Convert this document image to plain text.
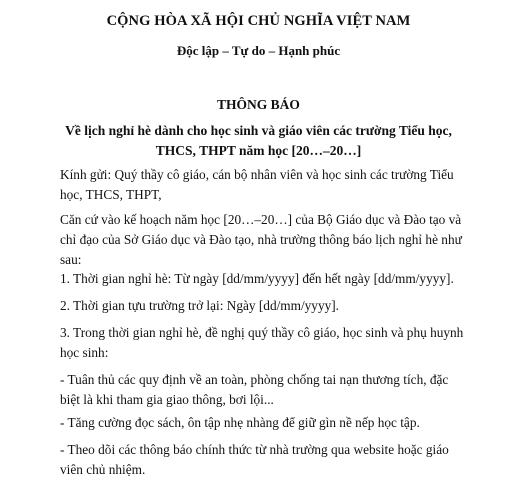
CỘNG HÒA XÃ HỘI CHỦ NGHĨA VIỆT NAM
Độc lập – Tự do – Hạnh phúc
THÔNG BÁO
Về lịch nghỉ hè dành cho học sinh và giáo viên các trường Tiểu học,
THCS, THPT năm học [20…–20…]
Kính gửi: Quý thầy cô giáo, cán bộ nhân viên và học sinh các trường Tiểu
học, THCS, THPT,
Căn cứ vào kế hoạch năm học [20…–20…] của Bộ Giáo dục và Đào tạo và
chỉ đạo của Sở Giáo dục và Đào tạo, nhà trường thông báo lịch nghỉ hè như
sau:
1. Thời gian nghỉ hè: Từ ngày [dd/mm/yyyy] đến hết ngày [dd/mm/yyyy].
2. Thời gian tựu trường trở lại: Ngày [dd/mm/yyyy].
3. Trong thời gian nghỉ hè, đề nghị quý thầy cô giáo, học sinh và phụ huynh
học sinh:
- Tuân thủ các quy định về an toàn, phòng chống tai nạn thương tích, đặc
biệt là khi tham gia giao thông, bơi lội...
- Tăng cường đọc sách, ôn tập nhẹ nhàng để giữ gìn nề nếp học tập.
- Theo dõi các thông báo chính thức từ nhà trường qua website hoặc giáo
viên chủ nhiệm.
